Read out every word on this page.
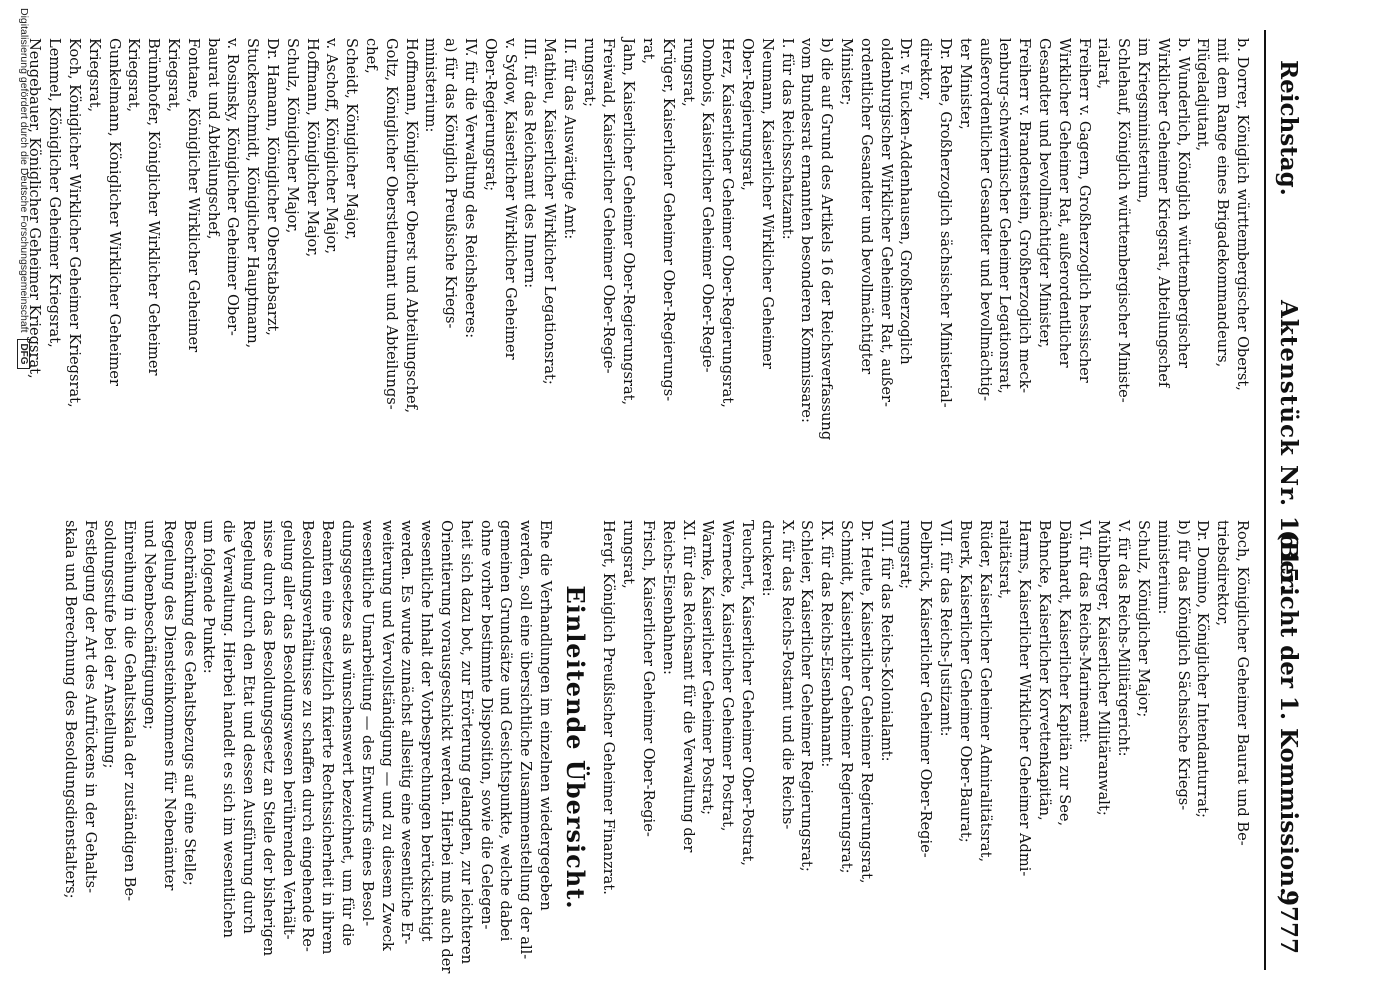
Reichstag.
Aktenstück Nr. 1615.
(Bericht der 1. Kommission.)
9777
b. Dorrer, Königlich württembergischer Oberst,
mit dem Range eines Brigadekommandeurs,
Flügeladjutant,
b. Wunderlich, Königlich württembergischer
Wirklicher Geheimer Kriegsrat, Abteilungschef
im Kriegsministerium,
Schlehauf, Königlich württembergischer Ministe-
rialrat,
Freiherr v. Gagern, Großherzoglich hessischer
Wirklicher Geheimer Rat, außerordentlicher
Gesandter und bevollmächtigter Minister,
Freiherr v. Brandenstein, Großherzoglich meck-
lenburg-schwerinischer Geheimer Legationsrat,
außerordentlicher Gesandter und bevollmächtig-
ter Minister,
Dr. Rehe, Großherzoglich sächsischer Ministerial-
direktor,
Dr. v. Eucken-Addenhausen, Großherzoglich
oldenburgischer Wirklicher Geheimer Rat, außer-
ordentlicher Gesandter und bevollmächtigter
Minister;
b) die auf Grund des Artikels 16 der Reichsverfassung
vom Bundesrat ernannten besonderen Kommissare:
I. für das Reichsschatzamt:
Neumann, Kaiserlicher Wirklicher Geheimer
Ober-Regierungsrat,
Herz, Kaiserlicher Geheimer Ober-Regierungsrat,
Dombois, Kaiserlicher Geheimer Ober-Regie-
rungsrat,
Krüger, Kaiserlicher Geheimer Ober-Regierungs-
rat,
Jahn, Kaiserlicher Geheimer Ober-Regierungsrat,
Freiwald, Kaiserlicher Geheimer Ober-Regie-
rungsrat;
II. für das Auswärtige Amt:
Mathieu, Kaiserlicher Wirklicher Legationsrat;
III. für das Reichsamt des Innern:
v. Sydow, Kaiserlicher Wirklicher Geheimer
Ober-Regierungsrat;
IV. für die Verwaltung des Reichsheeres:
a) für das Königlich Preußische Kriegs-
ministerium:
Hoffmann, Königlicher Oberst und Abteilungschef,
Goltz, Königlicher Oberstleutnant und Abteilungs-
chef,
Scheidt, Königlicher Major,
v. Aschoff, Königlicher Major,
Hoffmann, Königlicher Major,
Schulz, Königlicher Major,
Dr. Hamann, Königlicher Oberstabsarzt,
Stuckenschmidt, Königlicher Hauptmann,
v. Rosinsky, Königlicher Geheimer Ober-
baurat und Abteilungschef,
Fontane, Königlicher Wirklicher Geheimer
Kriegsrat,
Brünnhofer, Königlicher Wirklicher Geheimer
Kriegsrat,
Gunkelmann, Königlicher Wirklicher Geheimer
Kriegsrat,
Koch, Königlicher Wirklicher Geheimer Kriegsrat,
Lemmel, Königlicher Geheimer Kriegsrat,
Neugebauer, Königlicher Geheimer Kriegsrat,
Roch, Königlicher Geheimer Baurat und Be-
triebsdirektor,
Dr. Domino, Königlicher Intendanturrat;
b) für das Königlich Sächsische Kriegs-
ministerium:
Schulz, Königlicher Major;
V. für das Reichs-Militärgericht:
Mühlberger, Kaiserlicher Militäranwalt;
VI. für das Reichs-Marineamt:
Dähnhardt, Kaiserlicher Kapitän zur See,
Behncke, Kaiserlicher Korvettenkapitän,
Harms, Kaiserlicher Wirklicher Geheimer Admi-
ralitätsrat,
Rüder, Kaiserlicher Geheimer Admiralitätsrat,
Buerk, Kaiserlicher Geheimer Ober-Baurat;
VII. für das Reichs-Justizamt:
Delbrück, Kaiserlicher Geheimer Ober-Regie-
rungsrat;
VIII. für das Reichs-Kolonialamt:
Dr. Heute, Kaiserlicher Geheimer Regierungsrat,
Schmidt, Kaiserlicher Geheimer Regierungsrat;
IX. für das Reichs-Eisenbahnamt:
Schleier, Kaiserlicher Geheimer Regierungsrat;
X. für das Reichs-Postamt und die Reichs-
druckerei:
Teuchert, Kaiserlicher Geheimer Ober-Postrat,
Wernecke, Kaiserlicher Geheimer Postrat,
Warnke, Kaiserlicher Geheimer Postrat;
XI. für das Reichsamt für die Verwaltung der
Reichs-Eisenbahnen:
Frisch, Kaiserlicher Geheimer Ober-Regie-
rungsrat,
Hergt, Königlich Preußischer Geheimer Finanzrat.
Einleitende Übersicht.
Ehe die Verhandlungen im einzelnen wiedergegeben
werden, soll eine übersichtliche Zusammenstellung der all-
gemeinen Grundsätze und Gesichtspunkte, welche dabei
ohne vorher bestimmte Disposition, sowie die Gelegen-
heit sich dazu bot, zur Erörterung gelangten, zur leichteren
Orientierung vorausgeschickt werden. Hierbei muß auch der
wesentliche Inhalt der Vorbesprechungen berücksichtigt
werden. Es wurde zunächst allseitig eine wesentliche Er-
weiterung und Vervollständigung — und zu diesem Zweck
wesentliche Umarbeitung — des Entwurfs eines Besol-
dungsgesetzes als wünschenswert bezeichnet, um für die
Beamten eine gesetzlich fixierte Rechtssicherheit in ihrem
Besoldungsverhältnisse zu schaffen durch eingehende Re-
gelung aller das Besoldungswesen berührenden Verhält-
nisse durch das Besoldungsgesetz an Stelle der bisherigen
Regelung durch den Etat und dessen Ausführung durch
die Verwaltung. Hierbei handelt es sich im wesentlichen
um folgende Punkte:
Beschränkung des Gehaltsbezugs auf eine Stelle;
Regelung des Diensteinkommens für Nebenämter
und Nebenbeschäftigungen;
Einreihung in die Gehaltsskala der zuständigen Be-
soldungsstufe bei der Anstellung;
Festlegung der Art des Aufrückens in der Gehalts-
skala und Berechnung des Besoldungsdienstalters;
Digitalisierung gefördert durch die Deutsche Forschungsgemeinschaft DFG
